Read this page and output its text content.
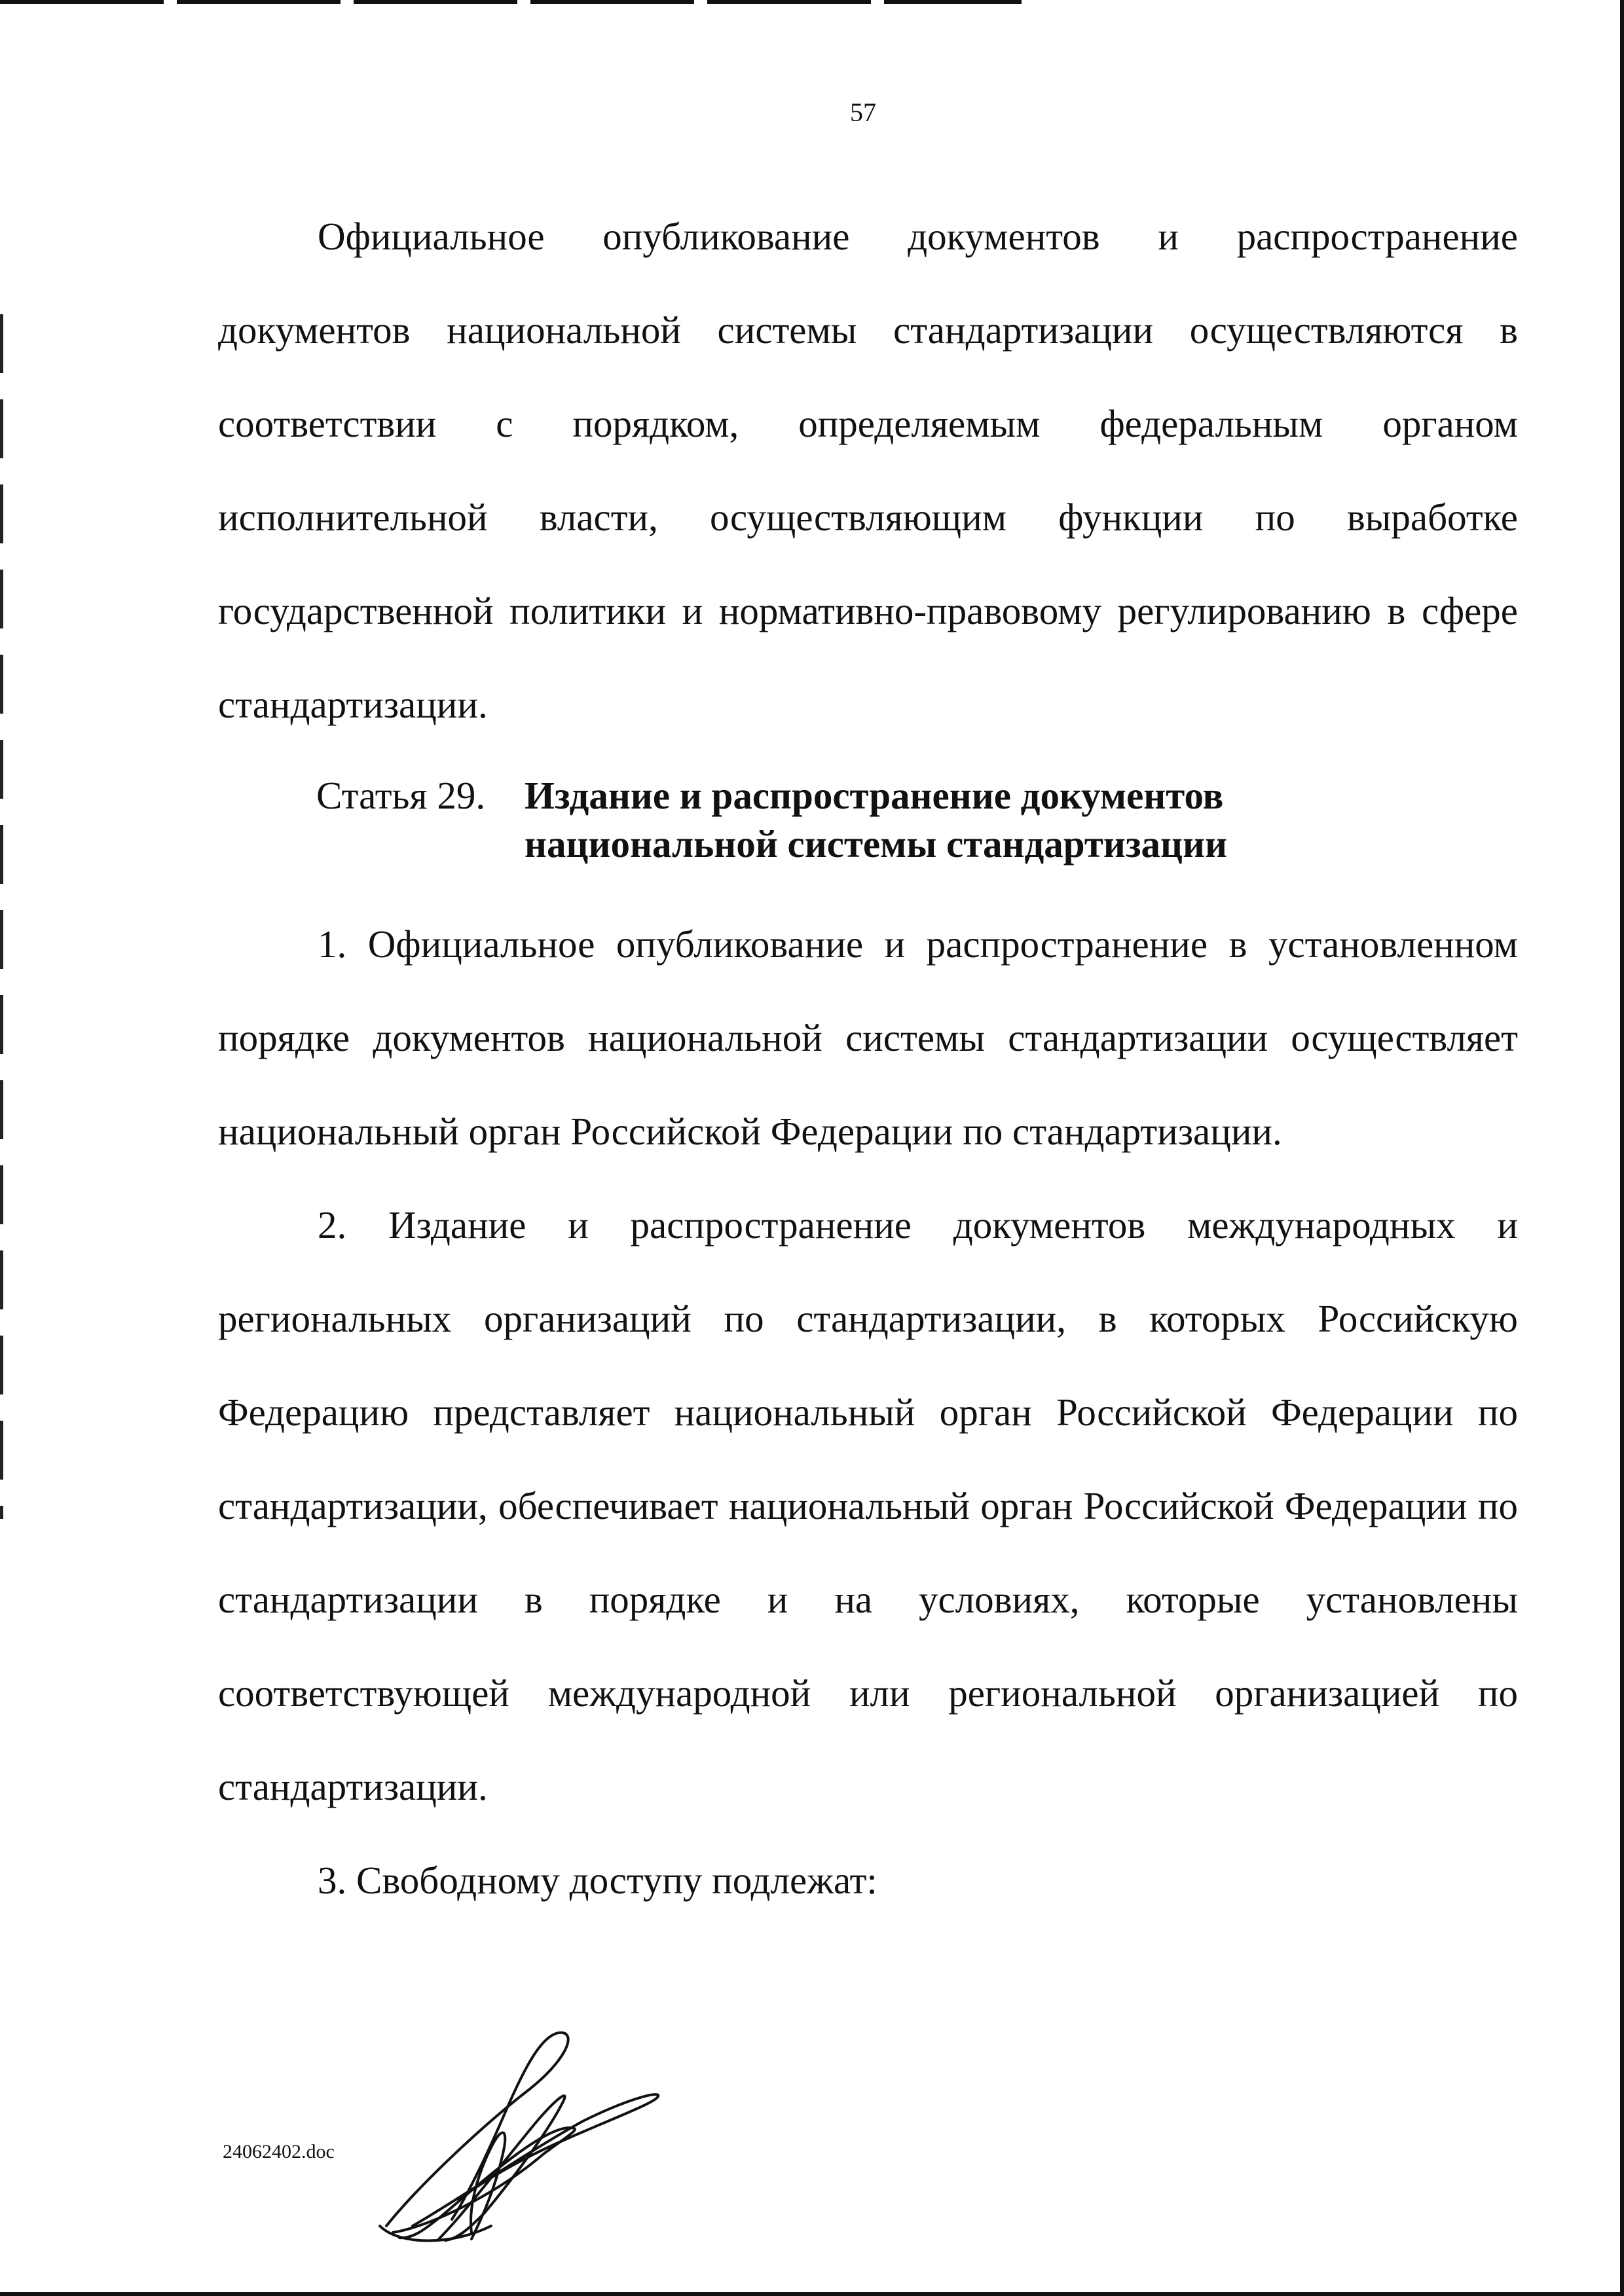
57

Официальное опубликование документов и распространение документов национальной системы стандартизации осуществляются в соответствии с порядком, определяемым федеральным органом исполнительной власти, осуществляющим функции по выработке государственной политики и нормативно-правовому регулированию в сфере стандартизации.

Статья 29.	Издание и распространение документов
национальной системы стандартизации

1. Официальное опубликование и распространение в установленном порядке документов национальной системы стандартизации осуществляет национальный орган Российской Федерации по стандартизации.

2. Издание и распространение документов международных и региональных организаций по стандартизации, в которых Российскую Федерацию представляет национальный орган Российской Федерации по стандартизации, обеспечивает национальный орган Российской Федерации по стандартизации в порядке и на условиях, которые установлены соответствующей международной или региональной организацией по стандартизации.

3. Свободному доступу подлежат:

24062402.doc
